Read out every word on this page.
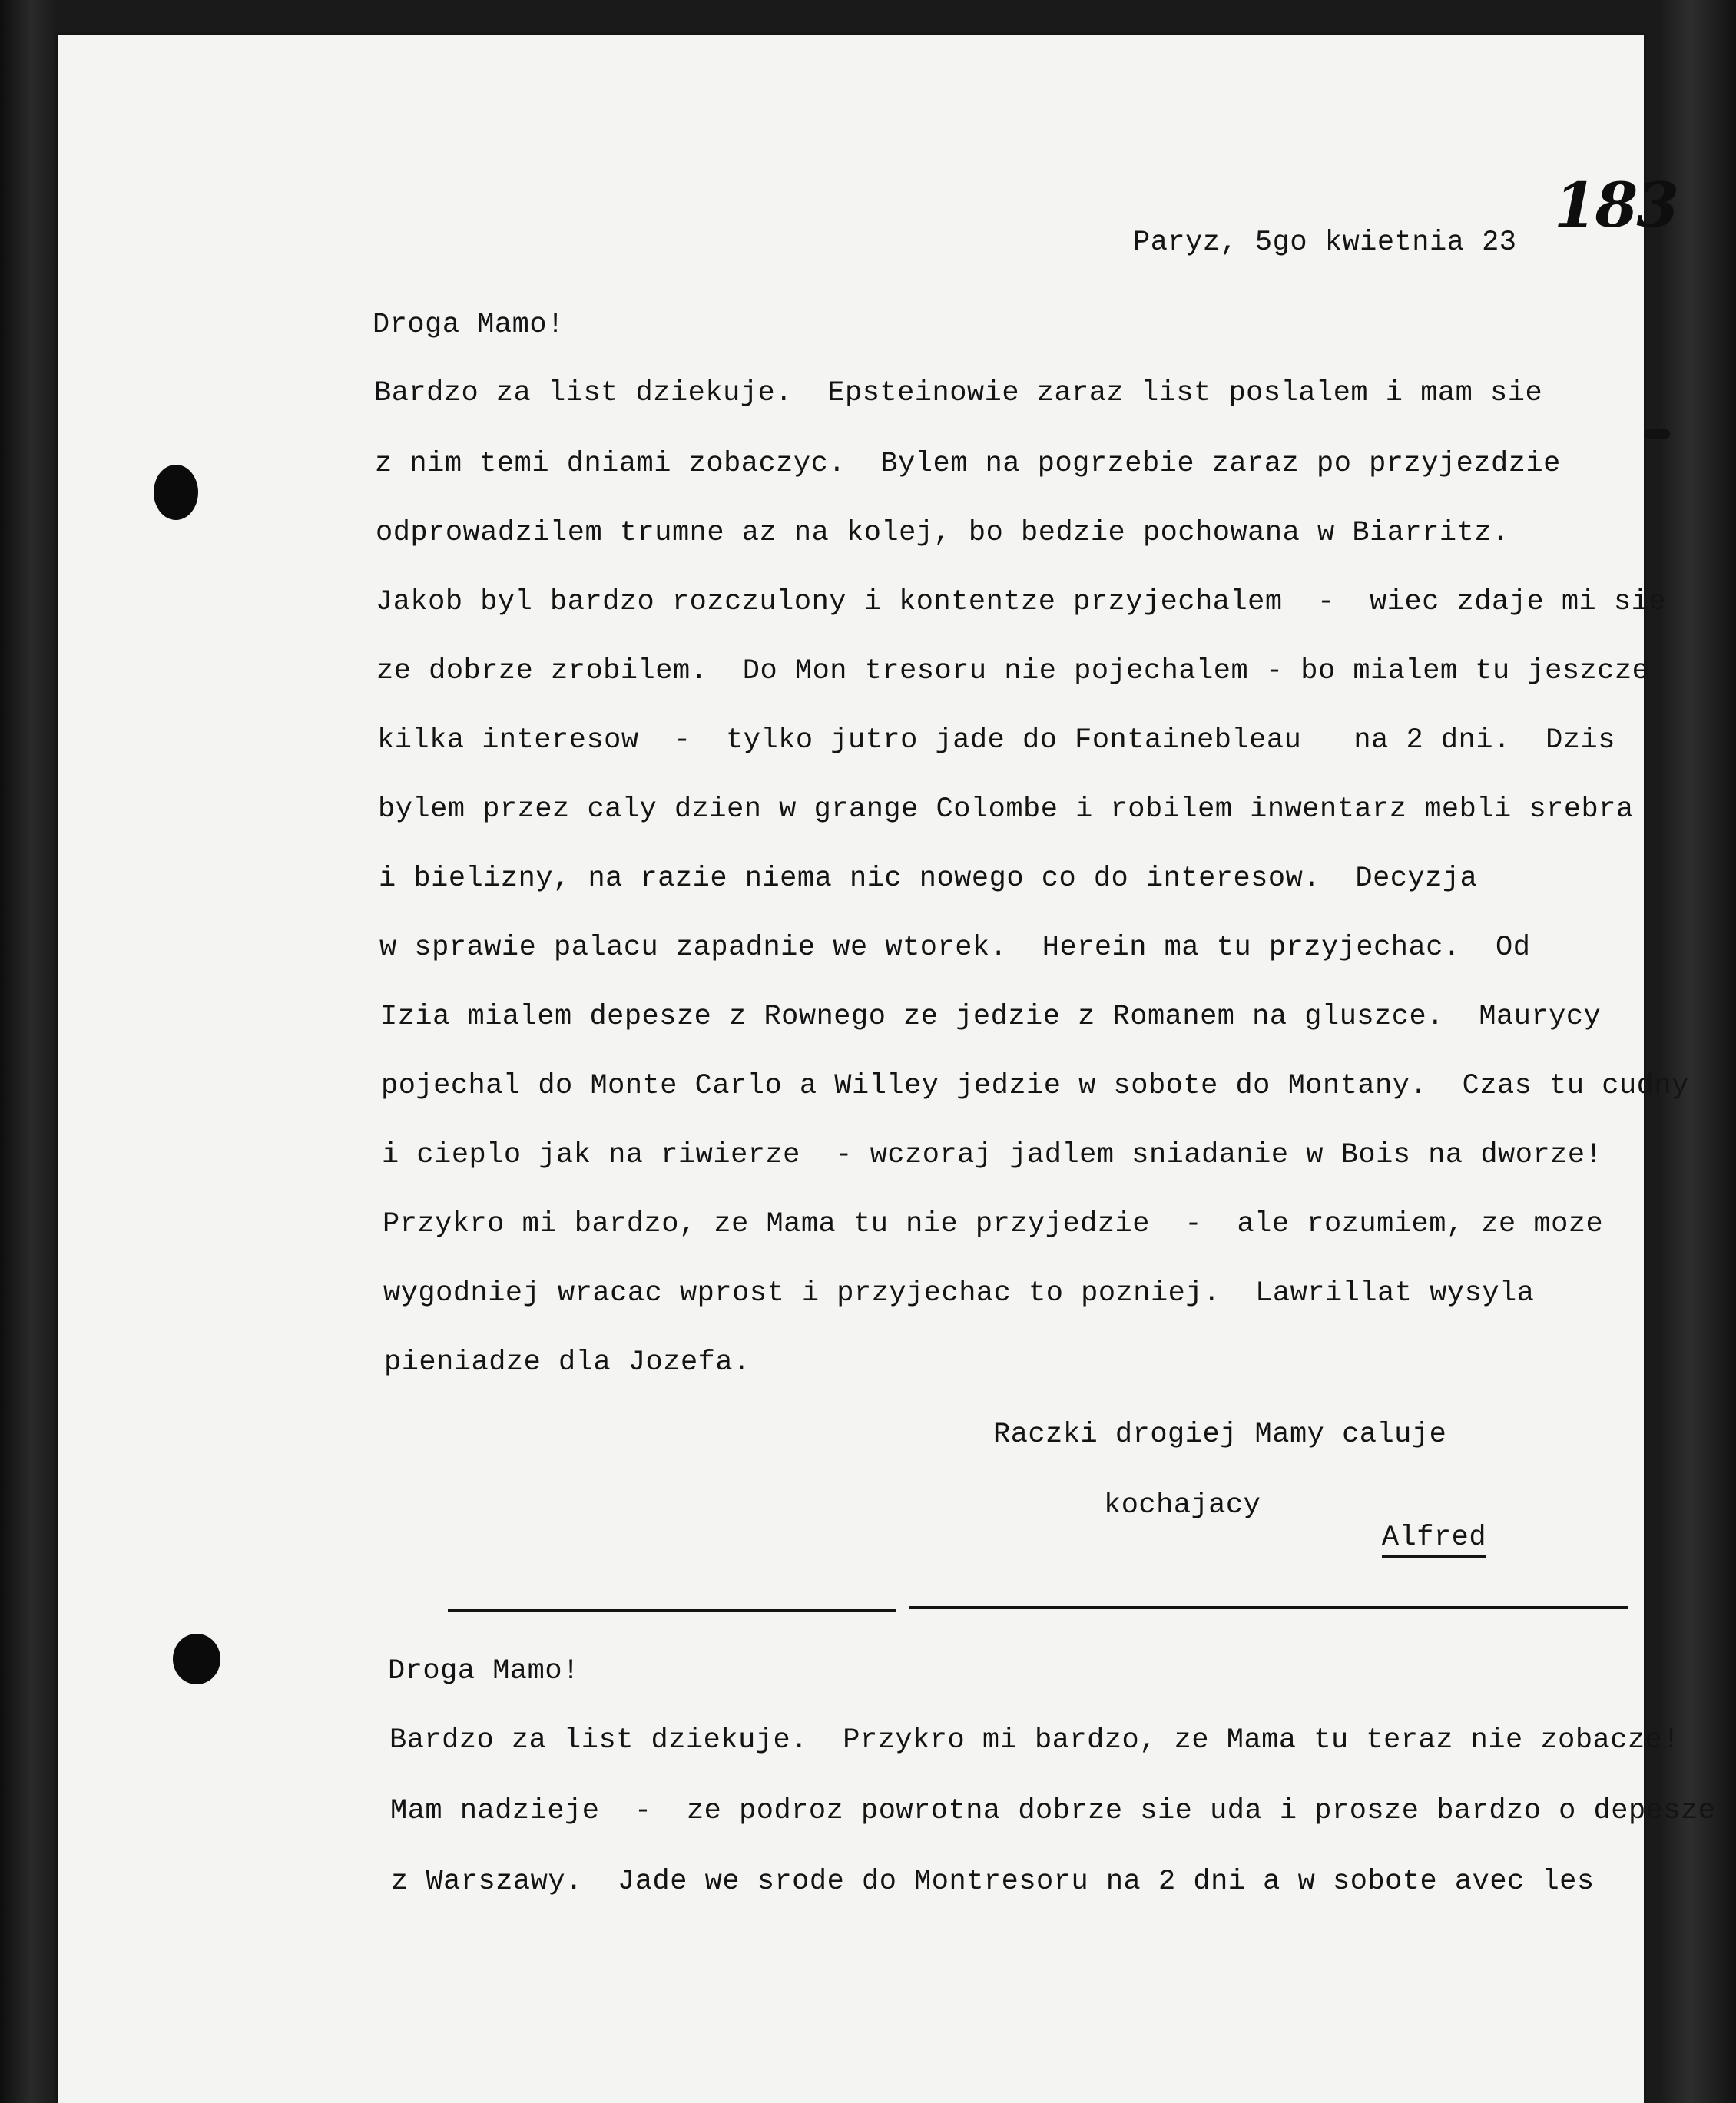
183
Paryz, 5go kwietnia 23
Droga Mamo!
Bardzo za list dziekuje.  Epsteinowie zaraz list poslalem i mam sie
z nim temi dniami zobaczyc.  Bylem na pogrzebie zaraz po przyjezdzie
odprowadzilem trumne az na kolej, bo bedzie pochowana w Biarritz.
Jakob byl bardzo rozczulony i kontentze przyjechalem  -  wiec zdaje mi sie
ze dobrze zrobilem.  Do Mon tresoru nie pojechalem - bo mialem tu jeszcze
kilka interesow  -  tylko jutro jade do Fontainebleau   na 2 dni.  Dzis
bylem przez caly dzien w grange Colombe i robilem inwentarz mebli srebra
i bielizny, na razie niema nic nowego co do interesow.  Decyzja
w sprawie palacu zapadnie we wtorek.  Herein ma tu przyjechac.  Od
Izia mialem depesze z Rownego ze jedzie z Romanem na gluszce.  Maurycy
pojechal do Monte Carlo a Willey jedzie w sobote do Montany.  Czas tu cudny
i cieplo jak na riwierze  - wczoraj jadlem sniadanie w Bois na dworze!
Przykro mi bardzo, ze Mama tu nie przyjedzie  -  ale rozumiem, ze moze
wygodniej wracac wprost i przyjechac to pozniej.  Lawrillat wysyla
pieniadze dla Jozefa.
Raczki drogiej Mamy caluje
kochajacy

Alfred

Droga Mamo!
Bardzo za list dziekuje.  Przykro mi bardzo, ze Mama tu teraz nie zobacze!
Mam nadzieje  -  ze podroz powrotna dobrze sie uda i prosze bardzo o depesze
z Warszawy.  Jade we srode do Montresoru na 2 dni a w sobote avec les
